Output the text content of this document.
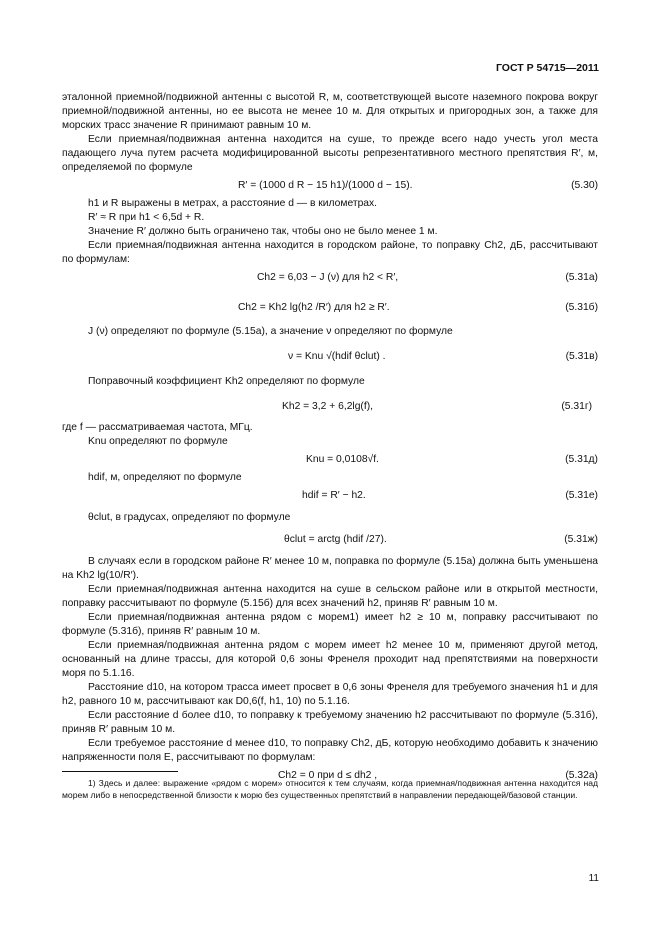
ГОСТ Р 54715—2011

эталонной приемной/подвижной антенны с высотой R, м, соответствующей высоте наземного покрова вокруг приемной/подвижной антенны, но ее высота не менее 10 м. Для открытых и пригородных зон, а также для морских трасс значение R принимают равным 10 м.

Если приемная/подвижная антенна находится на суше, то прежде всего надо учесть угол места падающего луча путем расчета модифицированной высоты репрезентативного местного препятствия R′, м, определяемой по формуле

R′ = (1000 d R − 15 h1)/(1000 d − 15).	(5.30)

h1 и R выражены в метрах, а расстояние d — в километрах.

R′ ≈ R при h1 < 6,5d + R.

Значение R′ должно быть ограничено так, чтобы оно не было менее 1 м.

Если приемная/подвижная антенна находится в городском районе, то поправку Ch2, дБ, рассчитывают по формулам:

Ch2 = 6,03 − J (ν) для h2 < R′,	(5.31а)
Ch2 = Kh2 lg(h2 /R′) для h2 ≥ R′.	(5.31б)

J (ν) определяют по формуле (5.15а), а значение ν определяют по формуле

ν = Knu √(hdif θclut) .	(5.31в)

Поправочный коэффициент Kh2 определяют по формуле

Kh2 = 3,2 + 6,2lg(f),	(5.31г)

где f — рассматриваемая частота, МГц.

Knu определяют по формуле

Knu = 0,0108√f.	(5.31д)

hdif, м, определяют по формуле

hdif = R′ − h2.	(5.31е)

θclut, в градусах, определяют по формуле

θclut = arctg (hdif /27).	(5.31ж)

В случаях если в городском районе R′ менее 10 м, поправка по формуле (5.15а) должна быть уменьшена на Kh2 lg(10/R′).

Если приемная/подвижная антенна находится на суше в сельском районе или в открытой местности, поправку рассчитывают по формуле (5.15б) для всех значений h2, приняв R′ равным 10 м.

Если приемная/подвижная антенна рядом с морем1) имеет h2 ≥ 10 м, поправку рассчитывают по формуле (5.31б), приняв R′ равным 10 м.

Если приемная/подвижная антенна рядом с морем имеет h2 менее 10 м, применяют другой метод, основанный на длине трассы, для которой 0,6 зоны Френеля проходит над препятствиями на поверхности моря по 5.1.16.

Расстояние d10, на котором трасса имеет просвет в 0,6 зоны Френеля для требуемого значения h1 и для h2, равного 10 м, рассчитывают как D0,6(f, h1, 10) по 5.1.16.

Если расстояние d более d10, то поправку к требуемому значению h2 рассчитывают по формуле (5.31б), приняв R′ равным 10 м.

Если требуемое расстояние d менее d10, то поправку Ch2, дБ, которую необходимо добавить к значению напряженности поля E, рассчитывают по формулам:

Ch2 = 0 при d ≤ dh2 ,	(5.32а)
1) Здесь и далее: выражение «рядом с морем» относится к тем случаям, когда приемная/подвижная антенна находится над морем либо в непосредственной близости к морю без существенных препятствий в направлении передающей/базовой станции.
11
